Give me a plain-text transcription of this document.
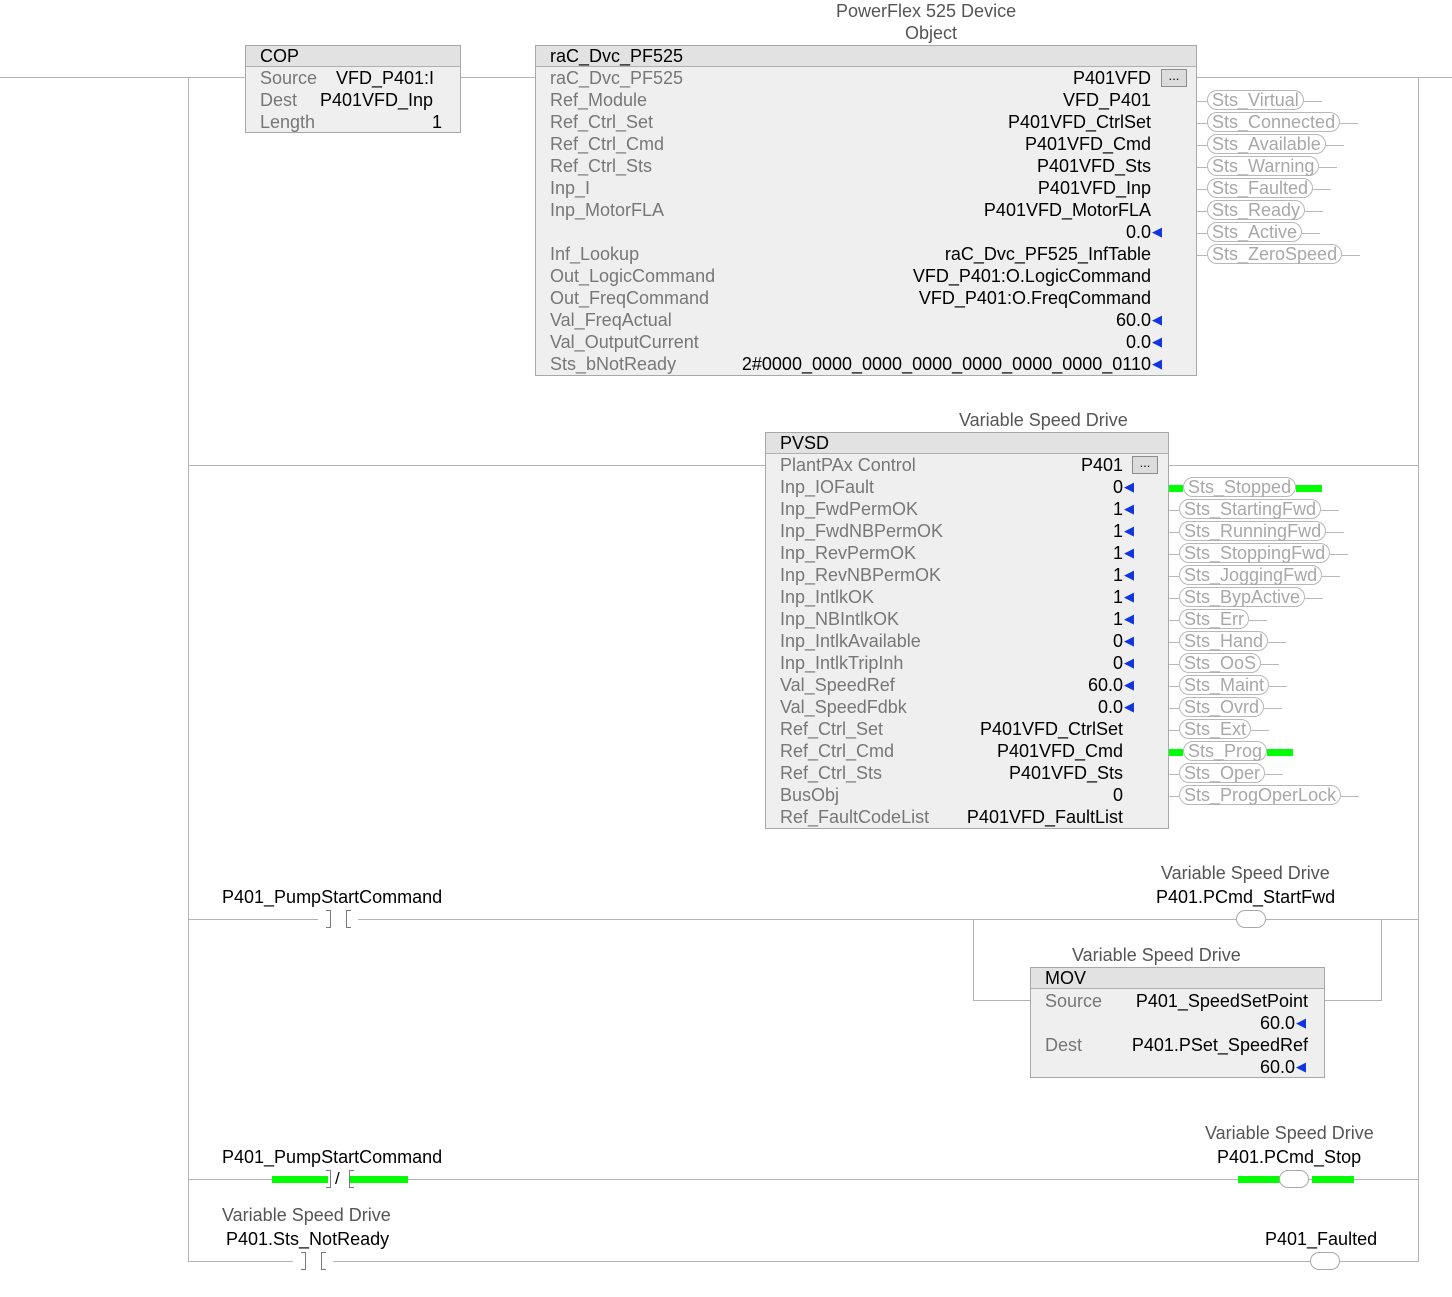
COP
Source VFD_P401:I
Dest P401VFD_Inp
Length	1
PowerFlex 525 Device
Object
raC_Dvc_PF525
...
raC_Dvc_PF525	P401VFD
Ref_Module	VFD_P401
Ref_Ctrl_Set	P401VFD_CtrlSet
Ref_Ctrl_Cmd	P401VFD_Cmd
Ref_Ctrl_Sts	P401VFD_Sts
Inp_I	P401VFD_Inp
Inp_MotorFLA	P401VFD_MotorFLA
0.0 ◀
Inf_Lookup	raC_Dvc_PF525_InfTable
Out_LogicCommand	VFD_P401:O.LogicCommand
Out_FreqCommand	VFD_P401:O.FreqCommand
Val_FreqActual	60.0 ◀
Val_OutputCurrent	0.0 ◀
Sts_bNotReady	2#0000_0000_0000_0000_0000_0000_0000_0110 ◀
Sts_Virtual
Sts_Connected
Sts_Available
Sts_Warning
Sts_Faulted
Sts_Ready
Sts_Active
Sts_ZeroSpeed
Variable Speed Drive
PVSD
...
PlantPAx Control	P401
Inp_IOFault	0 ◀
Inp_FwdPermOK	1 ◀
Inp_FwdNBPermOK	1 ◀
Inp_RevPermOK	1 ◀
Inp_RevNBPermOK	1 ◀
Inp_IntlkOK	1 ◀
Inp_NBIntlkOK	1 ◀
Inp_IntlkAvailable	0 ◀
Inp_IntlkTripInh	0 ◀
Val_SpeedRef	60.0 ◀
Val_SpeedFdbk	0.0 ◀
Ref_Ctrl_Set	P401VFD_CtrlSet
Ref_Ctrl_Cmd	P401VFD_Cmd
Ref_Ctrl_Sts	P401VFD_Sts
BusObj	0
Ref_FaultCodeList P401VFD_FaultList
Sts_Stopped
Sts_StartingFwd
Sts_RunningFwd
Sts_StoppingFwd
Sts_JoggingFwd
Sts_BypActive
Sts_Err
Sts_Hand
Sts_OoS
Sts_Maint
Sts_Ovrd
Sts_Ext
Sts_Prog
Sts_Oper
Sts_ProgOperLock
P401_PumpStartCommand
Variable Speed Drive
P401.PCmd_StartFwd
Variable Speed Drive
MOV
Source P401_SpeedSetPoint
60.0 ◀
Dest	P401.PSet_SpeedRef
60.0 ◀
P401_PumpStartCommand
/
Variable Speed Drive
P401.PCmd_Stop
Variable Speed Drive
P401.Sts_NotReady	P401_Faulted
